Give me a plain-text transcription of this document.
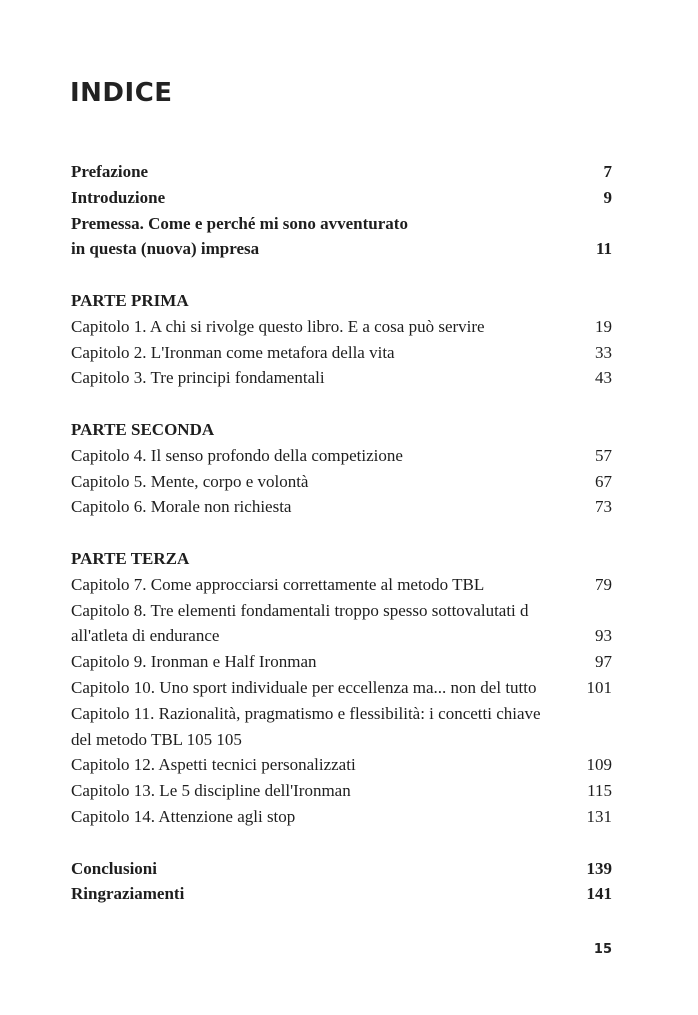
INDICE
Prefazione	7
Introduzione	9
Premessa. Come e perché mi sono avventurato
in questa (nuova) impresa	11
PARTE PRIMA
Capitolo 1. A chi si rivolge questo libro. E a cosa può servire	19
Capitolo 2. L'Ironman come metafora della vita	33
Capitolo 3. Tre principi fondamentali	43
PARTE SECONDA
Capitolo 4. Il senso profondo della competizione	57
Capitolo 5. Mente, corpo e volontà	67
Capitolo 6. Morale non richiesta	73
PARTE TERZA
Capitolo 7. Come approcciarsi correttamente al metodo TBL	79
Capitolo 8. Tre elementi fondamentali troppo spesso sottovalutati d
all'atleta di endurance	93
Capitolo 9. Ironman e Half Ironman	97
Capitolo 10. Uno sport individuale per eccellenza ma... non del tutto	101
Capitolo 11. Razionalità, pragmatismo e flessibilità: i concetti chiave
del metodo TBL 105 105
Capitolo 12. Aspetti tecnici personalizzati	109
Capitolo 13. Le 5 discipline dell'Ironman	115
Capitolo 14. Attenzione agli stop	131
Conclusioni	139
Ringraziamenti	141
15
